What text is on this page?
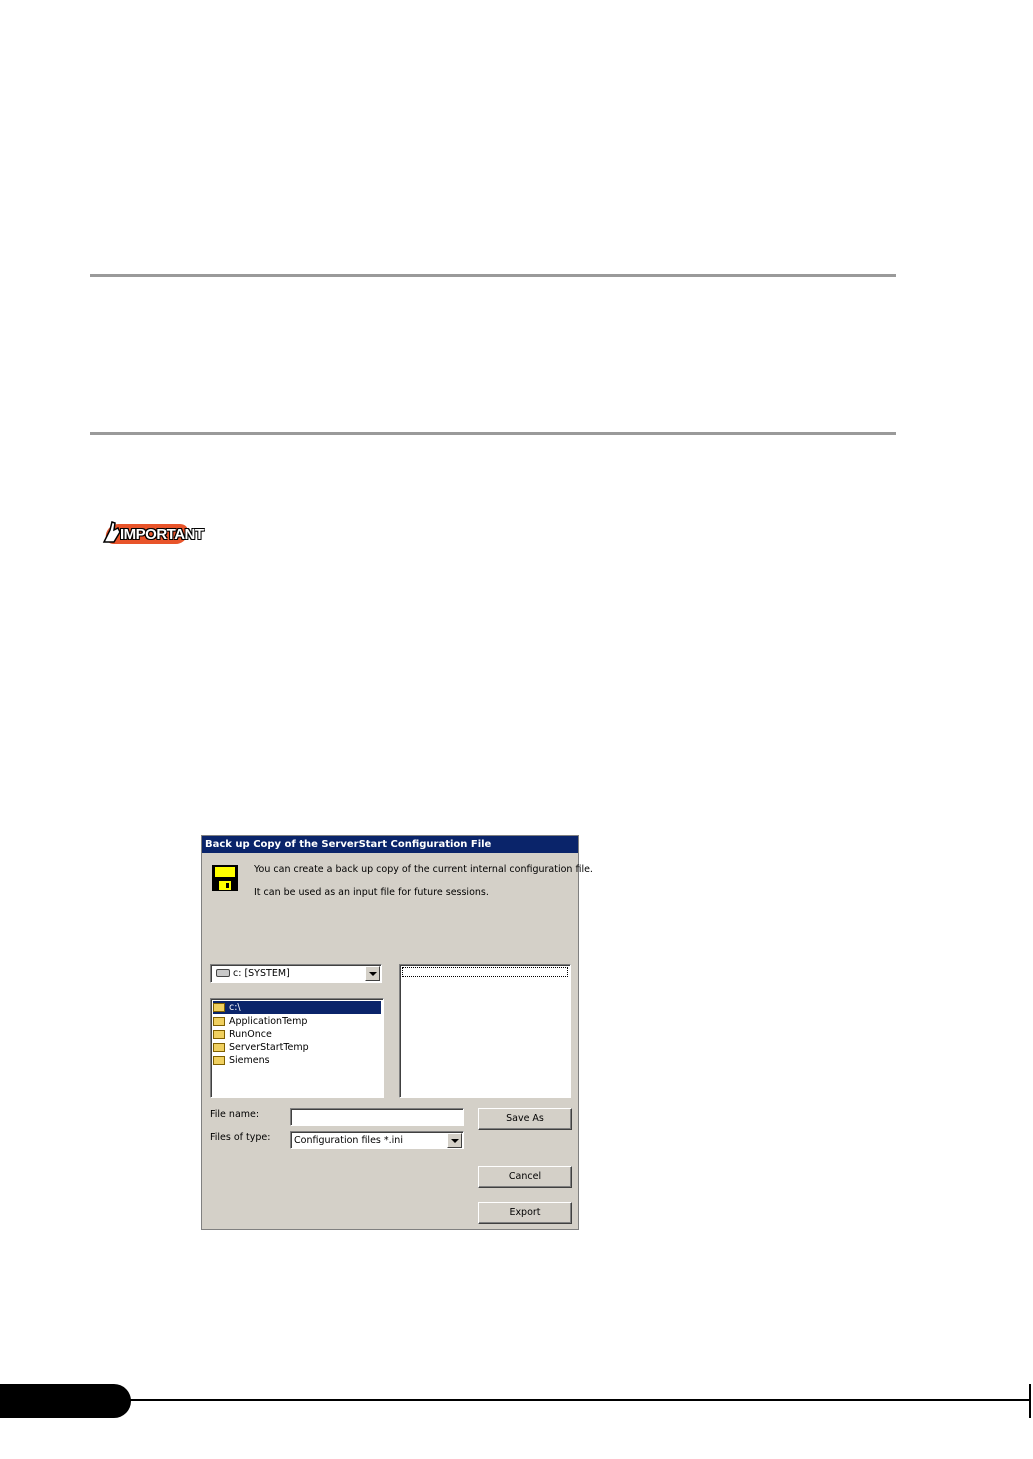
IMPORTANT
Back up Copy of the ServerStart Configuration File
You can create a back up copy of the current internal configuration file.
It can be used as an input file for future sessions.
c: [SYSTEM]
c:\
ApplicationTemp
RunOnce
ServerStartTemp
Siemens
File name:
Files of type: Configuration files *.ini
Save As
Cancel
Export
